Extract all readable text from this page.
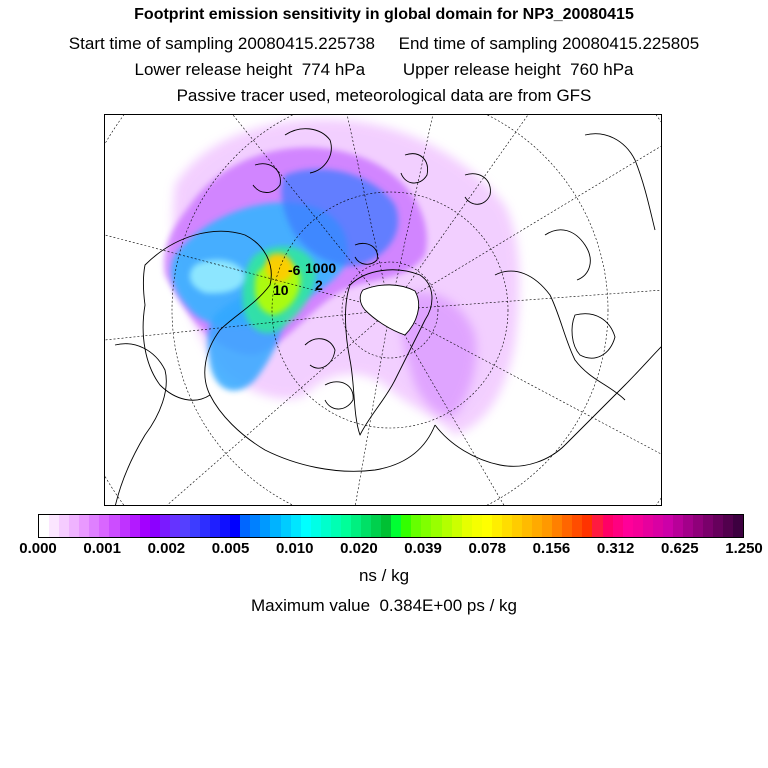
Footprint emission sensitivity in global domain for NP3_20080415
Start time of sampling 20080415.225738     End time of sampling 20080415.225805
Lower release height  774 hPa        Upper release height  760 hPa
Passive tracer used, meteorological data are from GFS
-6 1000
10 2
0.000 0.001 0.002 0.005 0.010 0.020 0.039 0.078 0.156 0.312 0.625 1.250
ns / kg
Maximum value  0.384E+00 ps / kg
